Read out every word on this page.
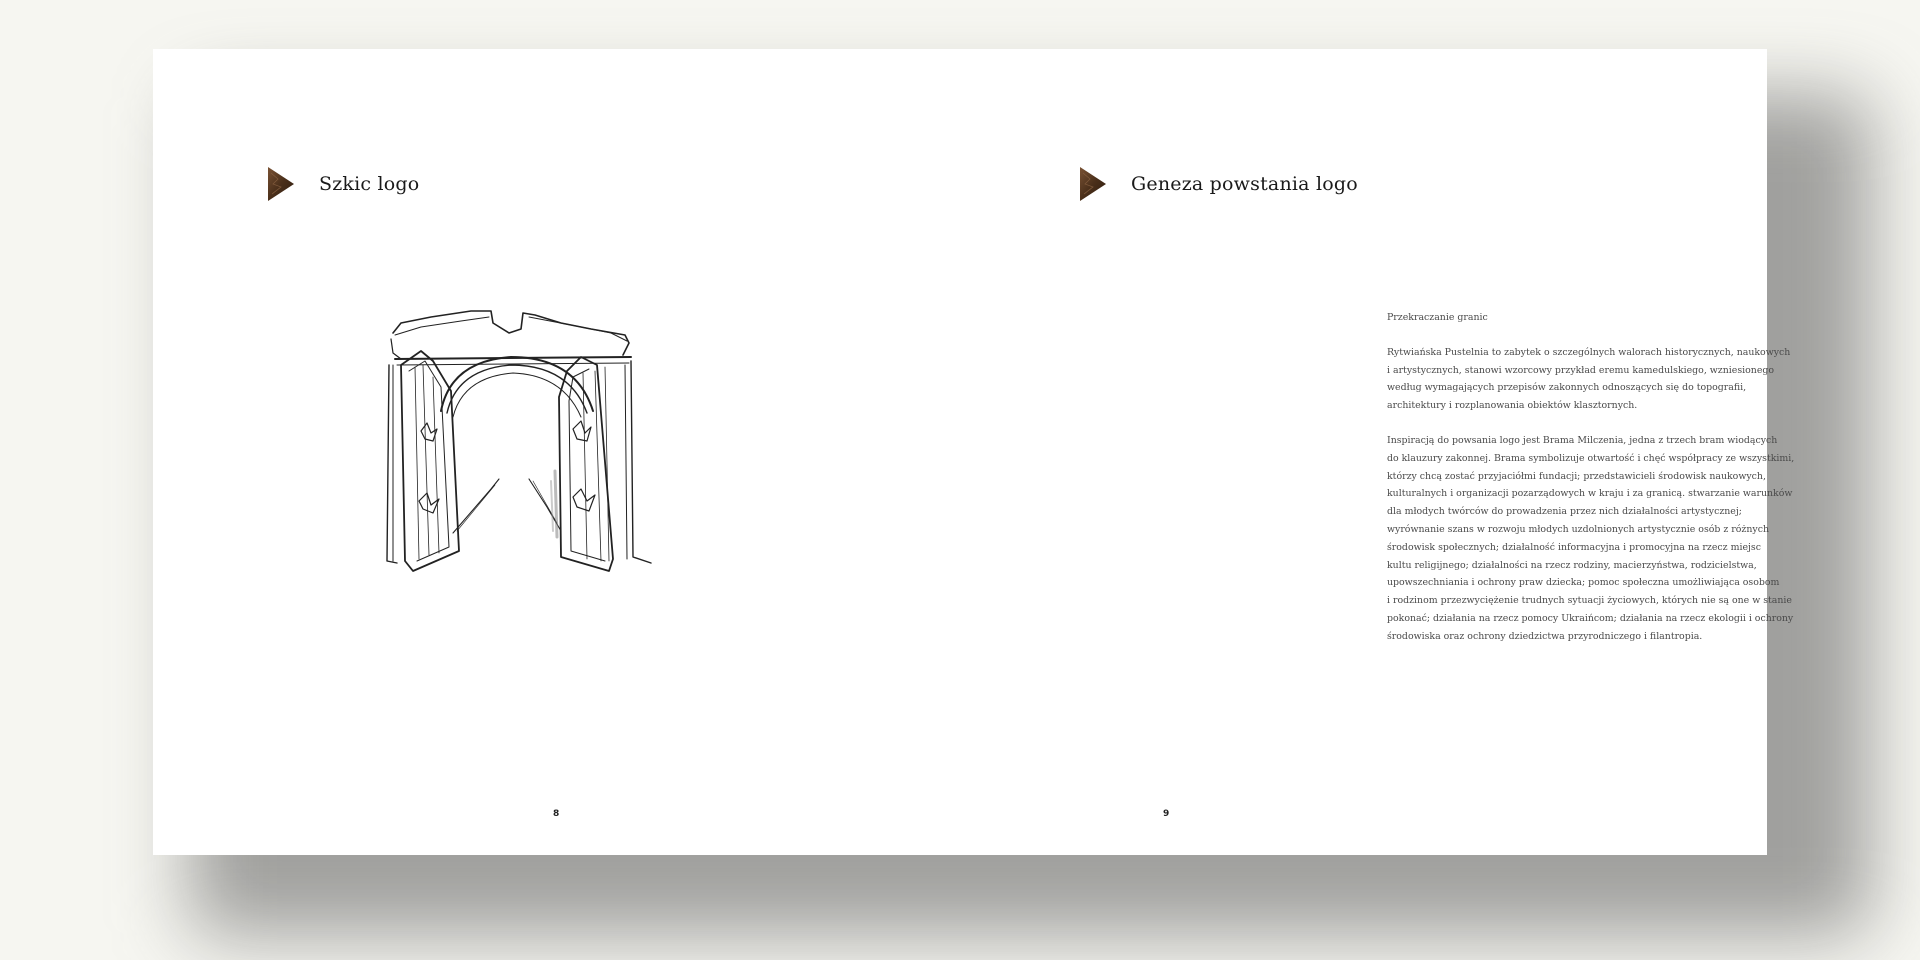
Szkic logo
8
Geneza powstania logo

Przekraczanie granic

Rytwiańska Pustelnia to zabytek o szczególnych walorach historycznych, naukowych
i artystycznych, stanowi wzorcowy przykład eremu kamedulskiego, wzniesionego
według wymagających przepisów zakonnych odnoszących się do topografii,
architektury i rozplanowania obiektów klasztornych.

Inspiracją do powsania logo jest Brama Milczenia, jedna z trzech bram wiodących
do klauzury zakonnej. Brama symbolizuje otwartość i chęć współpracy ze wszystkimi,
którzy chcą zostać przyjaciółmi fundacji; przedstawicieli środowisk naukowych,
kulturalnych i organizacji pozarządowych w kraju i za granicą. stwarzanie warunków
dla młodych twórców do prowadzenia przez nich działalności artystycznej;
wyrównanie szans w rozwoju młodych uzdolnionych artystycznie osób z różnych
środowisk społecznych; działalność informacyjna i promocyjna na rzecz miejsc
kultu religijnego; działalności na rzecz rodziny, macierzyństwa, rodzicielstwa,
upowszechniania i ochrony praw dziecka; pomoc społeczna umożliwiająca osobom
i rodzinom przezwyciężenie trudnych sytuacji życiowych, których nie są one w stanie
pokonać; działania na rzecz pomocy Ukraińcom; działania na rzecz ekologii i ochrony
środowiska oraz ochrony dziedzictwa przyrodniczego i filantropia.

9
